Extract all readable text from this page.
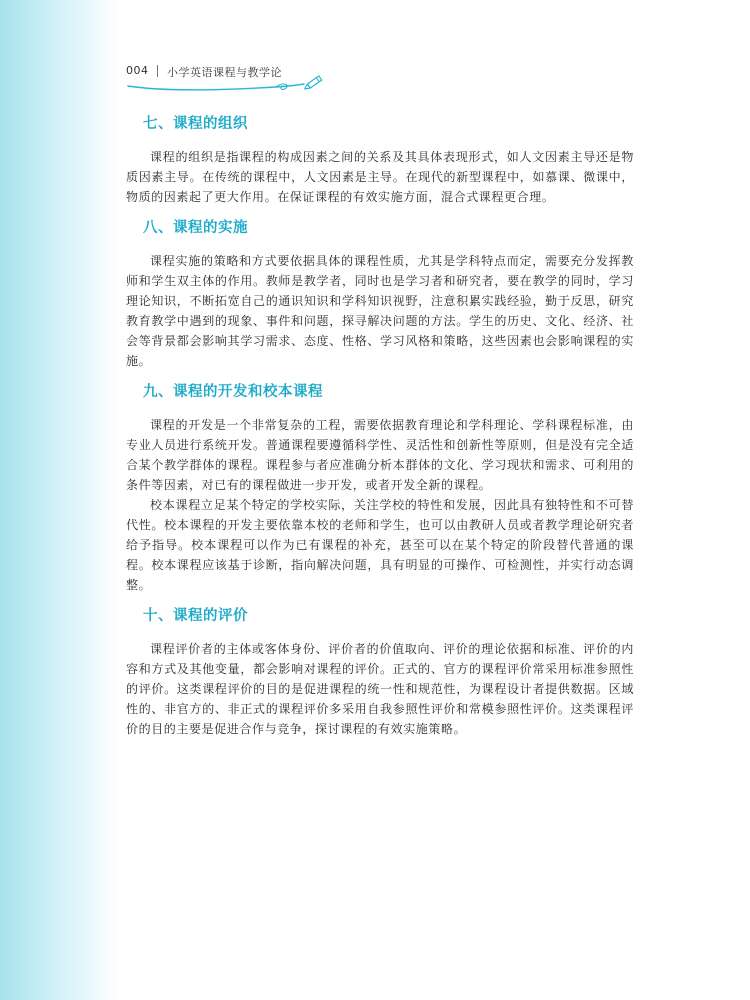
004 小学英语课程与教学论
七、课程的组织

课程的组织是指课程的构成因素之间的关系及其具体表现形式，如人文因素主导还是物质因素主导。在传统的课程中，人文因素是主导。在现代的新型课程中，如慕课、微课中，物质的因素起了更大作用。在保证课程的有效实施方面，混合式课程更合理。

八、课程的实施

课程实施的策略和方式要依据具体的课程性质，尤其是学科特点而定，需要充分发挥教师和学生双主体的作用。教师是教学者，同时也是学习者和研究者，要在教学的同时，学习理论知识，不断拓宽自己的通识知识和学科知识视野，注意积累实践经验，勤于反思，研究教育教学中遇到的现象、事件和问题，探寻解决问题的方法。学生的历史、文化、经济、社会等背景都会影响其学习需求、态度、性格、学习风格和策略，这些因素也会影响课程的实施。

九、课程的开发和校本课程

课程的开发是一个非常复杂的工程，需要依据教育理论和学科理论、学科课程标准，由专业人员进行系统开发。普通课程要遵循科学性、灵活性和创新性等原则，但是没有完全适合某个教学群体的课程。课程参与者应准确分析本群体的文化、学习现状和需求、可利用的条件等因素，对已有的课程做进一步开发，或者开发全新的课程。

校本课程立足某个特定的学校实际，关注学校的特性和发展，因此具有独特性和不可替代性。校本课程的开发主要依靠本校的老师和学生，也可以由教研人员或者教学理论研究者给予指导。校本课程可以作为已有课程的补充，甚至可以在某个特定的阶段替代普通的课程。校本课程应该基于诊断，指向解决问题，具有明显的可操作、可检测性，并实行动态调整。

十、课程的评价

课程评价者的主体或客体身份、评价者的价值取向、评价的理论依据和标准、评价的内容和方式及其他变量，都会影响对课程的评价。正式的、官方的课程评价常采用标准参照性的评价。这类课程评价的目的是促进课程的统一性和规范性，为课程设计者提供数据。区域性的、非官方的、非正式的课程评价多采用自我参照性评价和常模参照性评价。这类课程评价的目的主要是促进合作与竞争，探讨课程的有效实施策略。
